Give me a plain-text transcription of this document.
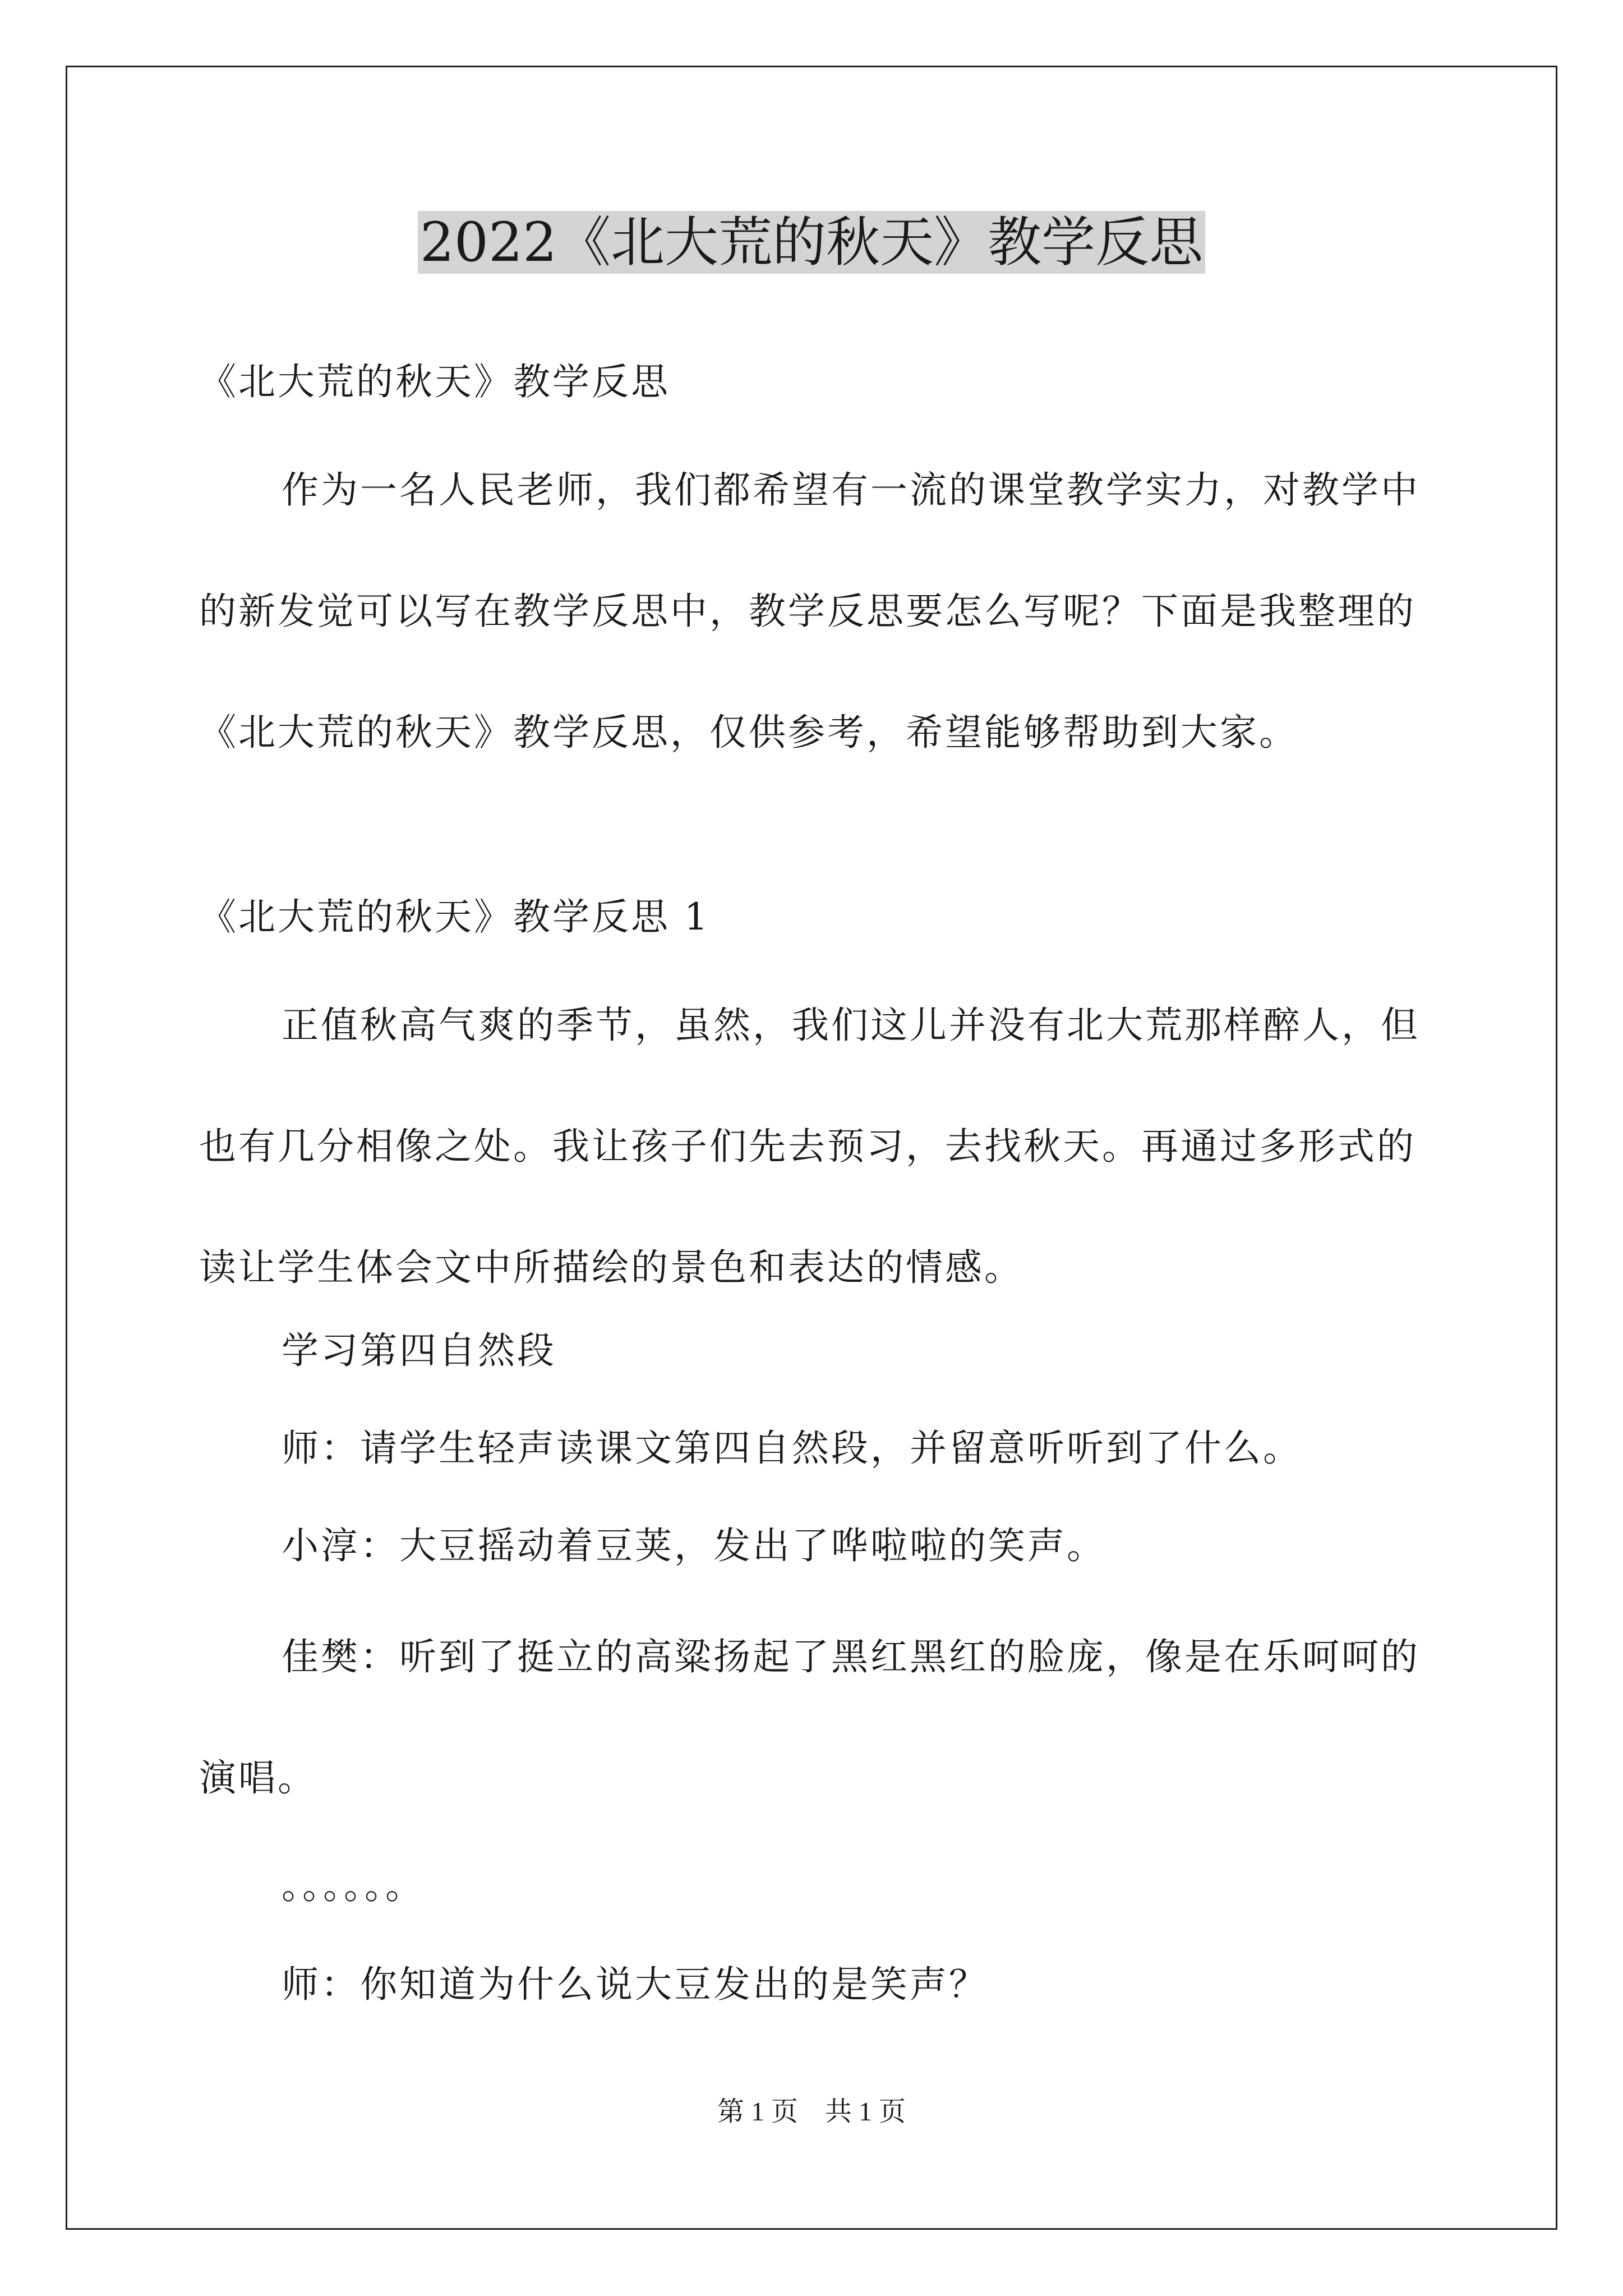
2022《北大荒的秋天》教学反思

《北大荒的秋天》教学反思

作为一名人民老师，我们都希望有一流的课堂教学实力，对教学中的新发觉可以写在教学反思中，教学反思要怎么写呢？下面是我整理的《北大荒的秋天》教学反思，仅供参考，希望能够帮助到大家。

《北大荒的秋天》教学反思 1

正值秋高气爽的季节，虽然，我们这儿并没有北大荒那样醉人，但也有几分相像之处。我让孩子们先去预习，去找秋天。再通过多形式的读让学生体会文中所描绘的景色和表达的情感。

学习第四自然段

师：请学生轻声读课文第四自然段，并留意听听到了什么。

小淳：大豆摇动着豆荚，发出了哗啦啦的笑声。

佳樊：听到了挺立的高粱扬起了黑红黑红的脸庞，像是在乐呵呵的演唱。

。。。。。。

师：你知道为什么说大豆发出的是笑声？

第 1 页    共 1 页
